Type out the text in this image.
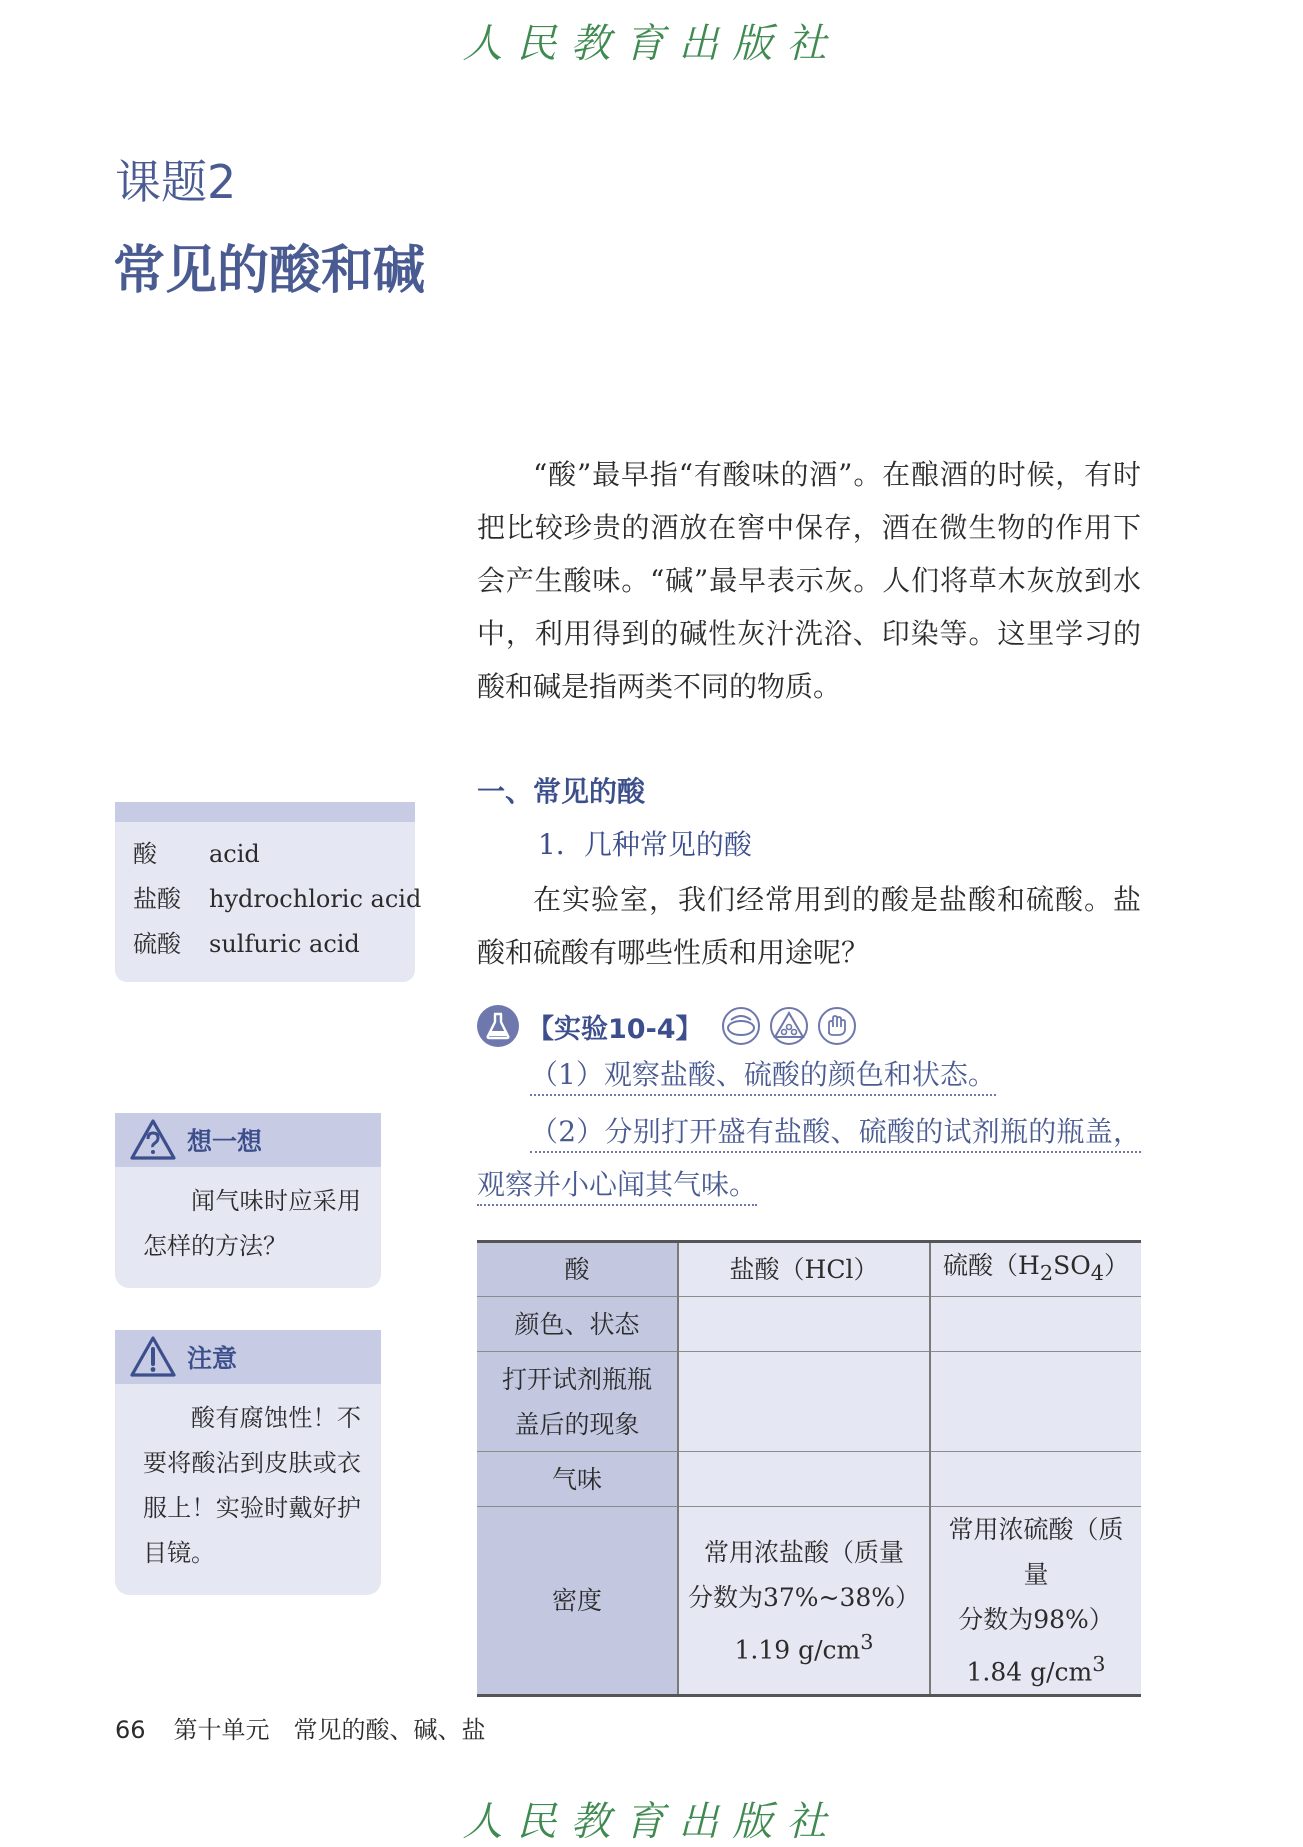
人民教育出版社
课题2
常见的酸和碱

“酸”最早指“有酸味的酒”。在酿酒的时候，有时把比较珍贵的酒放在窖中保存，酒在微生物的作用下会产生酸味。“碱”最早表示灰。人们将草木灰放到水中，利用得到的碱性灰汁洗浴、印染等。这里学习的酸和碱是指两类不同的物质。

一、常见的酸
1．几种常见的酸

在实验室，我们经常用到的酸是盐酸和硫酸。盐酸和硫酸有哪些性质和用途呢？

【实验10-4】
（1）观察盐酸、硫酸的颜色和状态。
（2）分别打开盛有盐酸、硫酸的试剂瓶的瓶盖，观察并小心闻其气味。
酸	盐酸（HCl）	硫酸$(H_2SO_4)$
颜色、状态		
打开试剂瓶瓶
盖后的现象		
气味		
密度	常用浓盐酸（质量
分数为37%~38%）
1.19 $g/cm^3$	常用浓硫酸（质量
分数为98%）
1.84 $g/cm^3$
酸 acid
盐酸 hydrochloric acid
硫酸 sulfuric acid
想一想

闻气味时应采用怎样的方法？

注意

酸有腐蚀性！不要将酸沾到皮肤或衣服上！实验时戴好护目镜。

66 第十单元　常见的酸、碱、盐
人民教育出版社
